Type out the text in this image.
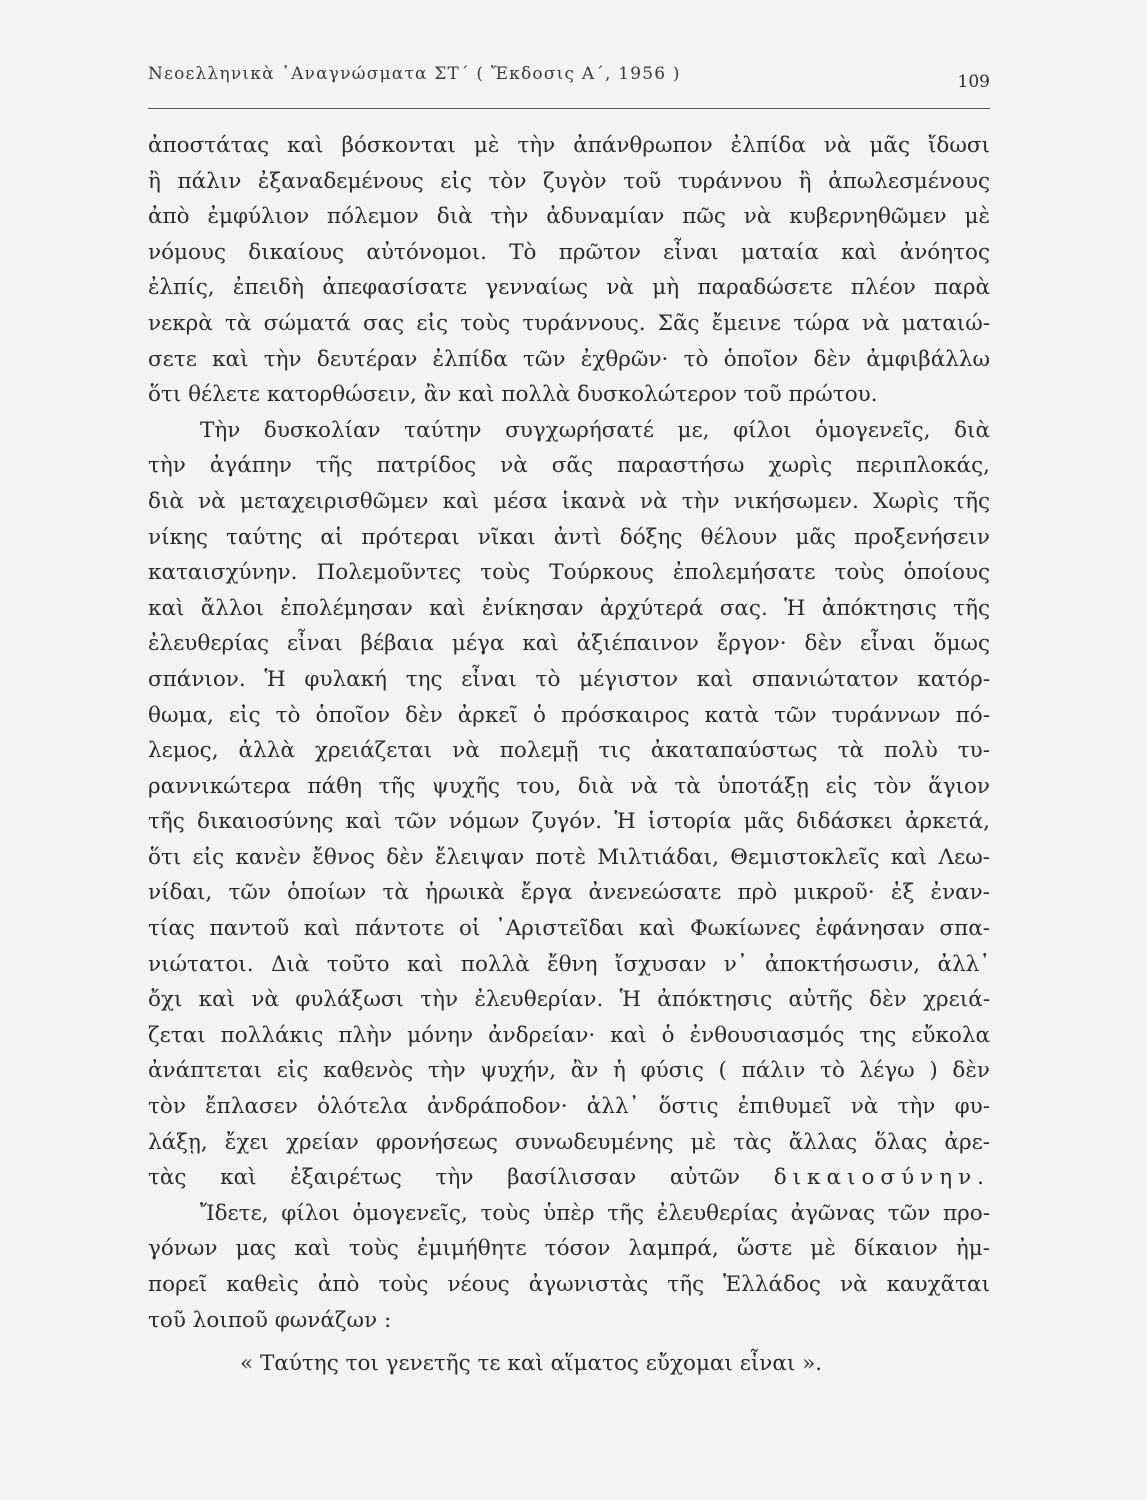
Νεοελληνικὰ ᾿Αναγνώσματα ΣΤ΄ ( Ἔκδοσις Α΄, 1956 )	109
ἀποστάτας καὶ βόσκονται μὲ τὴν ἀπάνθρωπον ἐλπίδα νὰ μᾶς ἴδωσι
ἢ πάλιν ἐξαναδεμένους εἰς τὸν ζυγὸν τοῦ τυράννου ἢ ἀπωλεσμένους
ἀπὸ ἐμφύλιον πόλεμον διὰ τὴν ἀδυναμίαν πῶς νὰ κυβερνηθῶμεν μὲ
νόμους δικαίους αὐτόνομοι. Τὸ πρῶτον εἶναι ματαία καὶ ἀνόητος
ἐλπίς, ἐπειδὴ ἀπεφασίσατε γενναίως νὰ μὴ παραδώσετε πλέον παρὰ
νεκρὰ τὰ σώματά σας εἰς τοὺς τυράννους. Σᾶς ἔμεινε τώρα νὰ ματαιώ-
σετε καὶ τὴν δευτέραν ἐλπίδα τῶν ἐχθρῶν· τὸ ὁποῖον δὲν ἀμφιβάλλω
ὅτι θέλετε κατορθώσειν, ἂν καὶ πολλὰ δυσκολώτερον τοῦ πρώτου.
Τὴν δυσκολίαν ταύτην συγχωρήσατέ με, φίλοι ὁμογενεῖς, διὰ
τὴν ἀγάπην τῆς πατρίδος νὰ σᾶς παραστήσω χωρὶς περιπλοκάς,
διὰ νὰ μεταχειρισθῶμεν καὶ μέσα ἱκανὰ νὰ τὴν νικήσωμεν. Χωρὶς τῆς
νίκης ταύτης αἱ πρότεραι νῖκαι ἀντὶ δόξης θέλουν μᾶς προξενήσειν
καταισχύνην. Πολεμοῦντες τοὺς Τούρκους ἐπολεμήσατε τοὺς ὁποίους
καὶ ἄλλοι ἐπολέμησαν καὶ ἐνίκησαν ἀρχύτερά σας. Ἡ ἀπόκτησις τῆς
ἐλευθερίας εἶναι βέβαια μέγα καὶ ἀξιέπαινον ἔργον· δὲν εἶναι ὅμως
σπάνιον. Ἡ φυλακή της εἶναι τὸ μέγιστον καὶ σπανιώτατον κατόρ-
θωμα, εἰς τὸ ὁποῖον δὲν ἀρκεῖ ὁ πρόσκαιρος κατὰ τῶν τυράννων πό-
λεμος, ἀλλὰ χρειάζεται νὰ πολεμῇ τις ἀκαταπαύστως τὰ πολὺ τυ-
ραννικώτερα πάθη τῆς ψυχῆς του, διὰ νὰ τὰ ὑποτάξῃ εἰς τὸν ἅγιον
τῆς δικαιοσύνης καὶ τῶν νόμων ζυγόν. Ἡ ἱστορία μᾶς διδάσκει ἀρκετά,
ὅτι εἰς κανὲν ἔθνος δὲν ἔλειψαν ποτὲ Μιλτιάδαι, Θεμιστοκλεῖς καὶ Λεω-
νίδαι, τῶν ὁποίων τὰ ἡρωικὰ ἔργα ἀνενεώσατε πρὸ μικροῦ· ἐξ ἐναν-
τίας παντοῦ καὶ πάντοτε οἱ ᾿Αριστεῖδαι καὶ Φωκίωνες ἐφάνησαν σπα-
νιώτατοι. Διὰ τοῦτο καὶ πολλὰ ἔθνη ἴσχυσαν ν᾽ ἀποκτήσωσιν, ἀλλ᾽
ὄχι καὶ νὰ φυλάξωσι τὴν ἐλευθερίαν. Ἡ ἀπόκτησις αὐτῆς δὲν χρειά-
ζεται πολλάκις πλὴν μόνην ἀνδρείαν· καὶ ὁ ἐνθουσιασμός της εὔκολα
ἀνάπτεται εἰς καθενὸς τὴν ψυχήν, ἂν ἡ φύσις ( πάλιν τὸ λέγω ) δὲν
τὸν ἔπλασεν ὁλότελα ἀνδράποδον· ἀλλ᾽ ὅστις ἐπιθυμεῖ νὰ τὴν φυ-
λάξῃ, ἔχει χρείαν φρονήσεως συνωδευμένης μὲ τὰς ἄλλας ὅλας ἀρε-
τὰς καὶ ἐξαιρέτως τὴν βασίλισσαν αὐτῶν δικαιοσύνην.
Ἴδετε, φίλοι ὁμογενεῖς, τοὺς ὑπὲρ τῆς ἐλευθερίας ἀγῶνας τῶν προ-
γόνων μας καὶ τοὺς ἐμιμήθητε τόσον λαμπρά, ὥστε μὲ δίκαιον ἠμ-
πορεῖ καθεὶς ἀπὸ τοὺς νέους ἀγωνιστὰς τῆς Ἑλλάδος νὰ καυχᾶται
τοῦ λοιποῦ φωνάζων :
« Ταύτης τοι γενετῆς τε καὶ αἵματος εὔχομαι εἶναι ».
